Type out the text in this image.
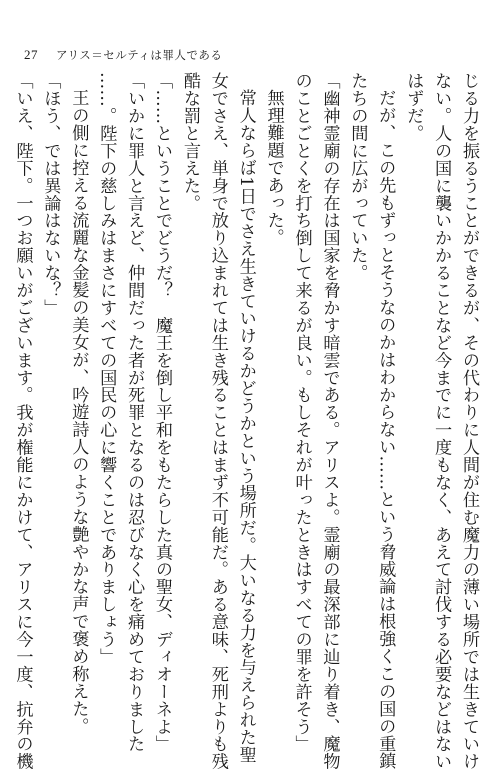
27 アリス＝セルティは罪人である

じる力を振るうことができるが、その代わりに人間が住む魔力の薄い場所では生きていけ

ない。人の国に襲いかかることなど今までに一度もなく、あえて討伐する必要などはない

はずだ。

だが、この先もずっとそうなのかはわからない……という脅威論は根強くこの国の重鎮

たちの間に広がっていた。

「幽神霊廟の存在は国家を脅かす暗雲である。アリスよ。霊廟の最深部に辿り着き、魔物

のことごとくを打ち倒して来るが良い。もしそれが叶ったときはすべての罪を許そう」

無理難題であった。

常人ならば1日でさえ生きていけるかどうかという場所だ。大いなる力を与えられた聖

女でさえ、単身で放り込まれては生き残ることはまず不可能だ。ある意味、死刑よりも残

酷な罰と言えた。

「……ということでどうだ？　魔王を倒し平和をもたらした真の聖女、ディオーネよ」

「いかに罪人と言えど、仲間だった者が死罪となるのは忍びなく心を痛めておりました

……。陛下の慈しみはまさにすべての国民の心に響くことでありましょう」

王の側に控える流麗な金髪の美女が、吟遊詩人のような艶やかな声で褒め称えた。

「ほう、では異論はないな？」

「いえ、陛下。一つお願いがございます。我が権能にかけて、アリスに今一度、抗弁の機
